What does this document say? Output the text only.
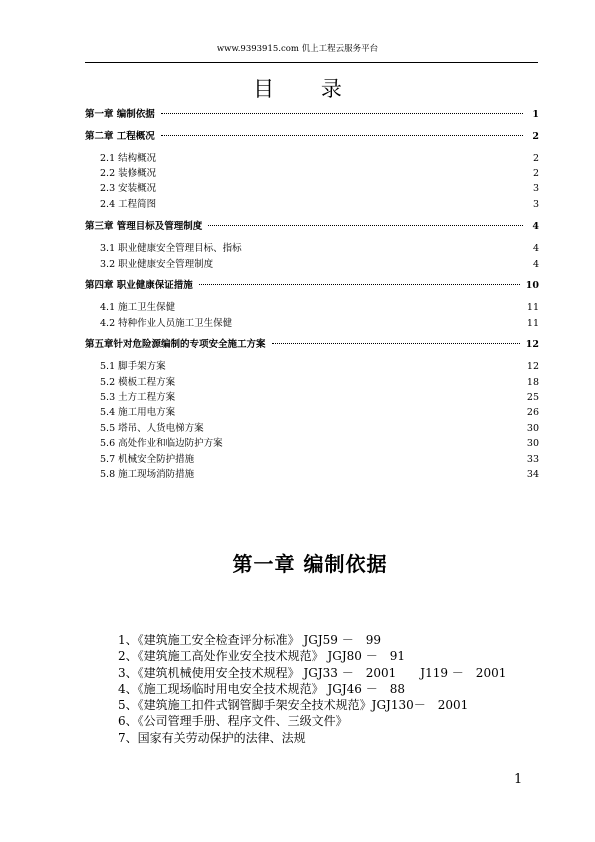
www.9393915.com 仉上工程云服务平台
目 录
第一章 编制依据	1
第二章 工程概况	2
2.1 结构概况	2
2.2 装修概况	2
2.3 安装概况	3
2.4 工程简图	3
第三章 管理目标及管理制度	4
3.1 职业健康安全管理目标、指标	4
3.2 职业健康安全管理制度	4
第四章 职业健康保证措施	10
4.1 施工卫生保健	11
4.2 特种作业人员施工卫生保健	11
第五章针对危险源编制的专项安全施工方案	12
5.1 脚手架方案	12
5.2 模板工程方案	18
5.3 土方工程方案	25
5.4 施工用电方案	26
5.5 塔吊、人货电梯方案	30
5.6 高处作业和临边防护方案	30
5.7 机械安全防护措施	33
5.8 施工现场消防措施	34
第一章 编制依据
1、《建筑施工安全检查评分标准》 JGJ59 －　99
2、《建筑施工高处作业安全技术规范》 JGJ80 －　91
3、《建筑机械使用安全技术规程》 JGJ33 －　2001　　J119 －　2001
4、《施工现场临时用电安全技术规范》 JGJ46 －　88
5、《建筑施工扣件式钢管脚手架安全技术规范》JGJ130－　2001
6、《公司管理手册、程序文件、三级文件》
7、国家有关劳动保护的法律、法规
1
